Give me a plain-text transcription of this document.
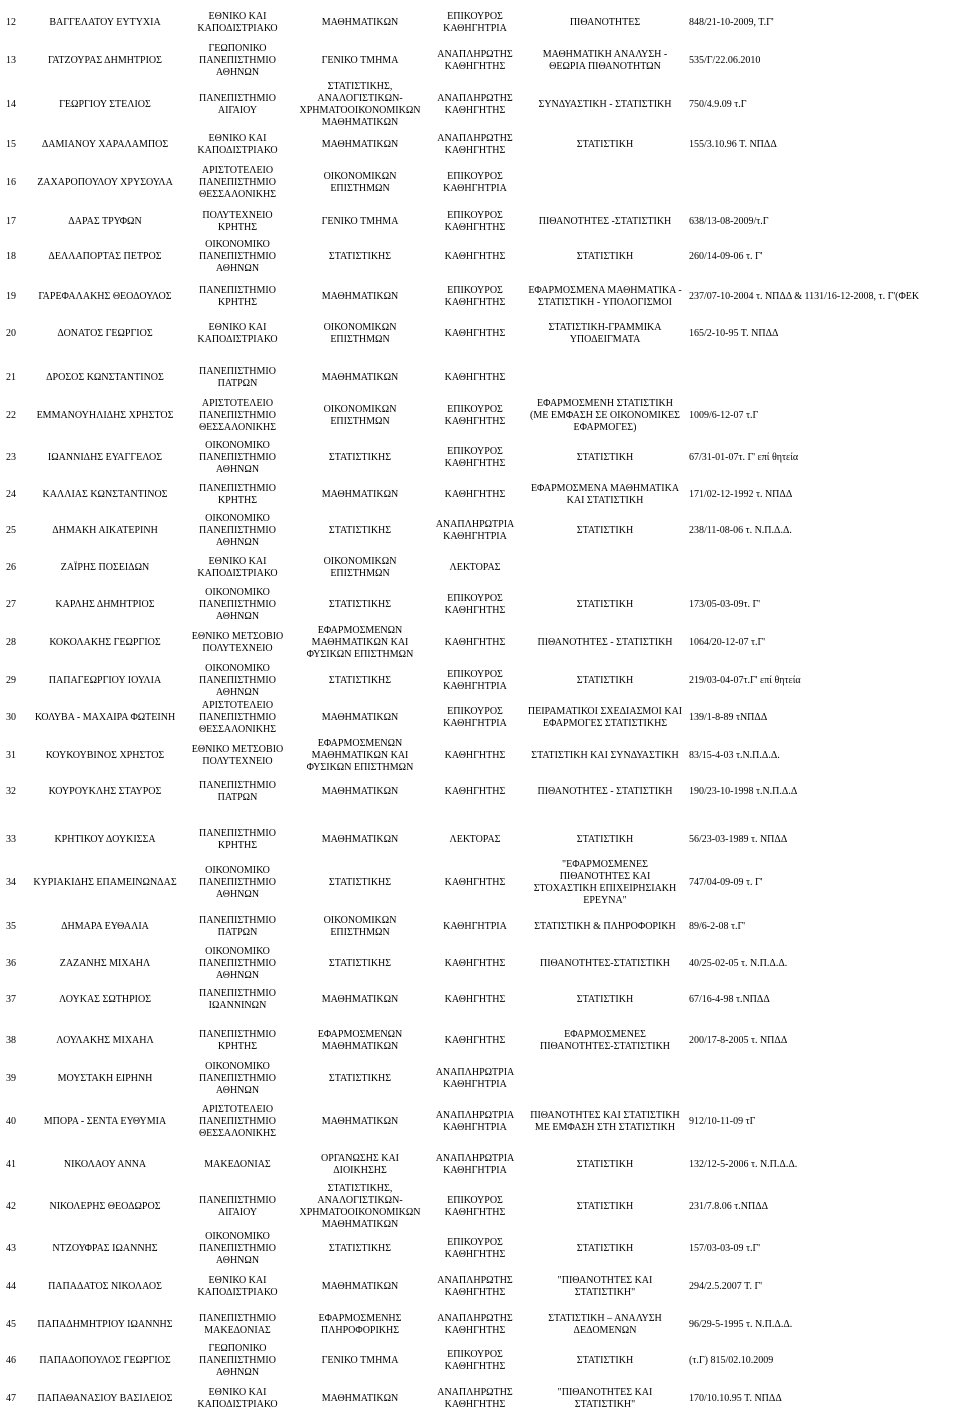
12	ΒΑΓΓΕΛΑΤΟΥ ΕΥΤΥΧΙΑ	ΕΘΝΙΚΟ ΚΑΙ ΚΑΠΟΔΙΣΤΡΙΑΚΟ	ΜΑΘΗΜΑΤΙΚΩΝ	ΕΠΙΚΟΥΡΟΣ ΚΑΘΗΓΗΤΡΙΑ	ΠΙΘΑΝΟΤΗΤΕΣ	848/21-10-2009, Τ.Γ'
13	ΓΑΤΖΟΥΡΑΣ ΔΗΜΗΤΡΙΟΣ	ΓΕΩΠΟΝΙΚΟ ΠΑΝΕΠΙΣΤΗΜΙΟ ΑΘΗΝΩΝ	ΓΕΝΙΚΟ ΤΜΗΜΑ	ΑΝΑΠΛΗΡΩΤΗΣ ΚΑΘΗΓΗΤΗΣ	ΜΑΘΗΜΑΤΙΚΗ ΑΝΑΛΥΣΗ - ΘΕΩΡΙΑ ΠΙΘΑΝΟΤΗΤΩΝ	535/Γ/22.06.2010
14	ΓΕΩΡΓΙΟΥ ΣΤΕΛΙΟΣ	ΠΑΝΕΠΙΣΤΗΜΙΟ ΑΙΓΑΙΟΥ	ΣΤΑΤΙΣΤΙΚΗΣ, ΑΝΑΛΟΓΙΣΤΙΚΩΝ- ΧΡΗΜΑΤΟΟΙΚΟΝΟΜΙΚΩΝ ΜΑΘΗΜΑΤΙΚΩΝ	ΑΝΑΠΛΗΡΩΤΗΣ ΚΑΘΗΓΗΤΗΣ	ΣΥΝΔΥΑΣΤΙΚΗ - ΣΤΑΤΙΣΤΙΚΗ	750/4.9.09 τ.Γ
15	ΔΑΜΙΑΝΟΥ ΧΑΡΑΛΑΜΠΟΣ	ΕΘΝΙΚΟ ΚΑΙ ΚΑΠΟΔΙΣΤΡΙΑΚΟ	ΜΑΘΗΜΑΤΙΚΩΝ	ΑΝΑΠΛΗΡΩΤΗΣ ΚΑΘΗΓΗΤΗΣ	ΣΤΑΤΙΣΤΙΚΗ	155/3.10.96 Τ. ΝΠΔΔ
16	ΖΑΧΑΡΟΠΟΥΛΟΥ ΧΡΥΣΟΥΛΑ	ΑΡΙΣΤΟΤΕΛΕΙΟ ΠΑΝΕΠΙΣΤΗΜΙΟ ΘΕΣΣΑΛΟΝΙΚΗΣ	ΟΙΚΟΝΟΜΙΚΩΝ ΕΠΙΣΤΗΜΩΝ	ΕΠΙΚΟΥΡΟΣ ΚΑΘΗΓΗΤΡΙΑ		
17	ΔΑΡΑΣ ΤΡΥΦΩΝ	ΠΟΛΥΤΕΧΝΕΙΟ ΚΡΗΤΗΣ	ΓΕΝΙΚΟ ΤΜΗΜΑ	ΕΠΙΚΟΥΡΟΣ ΚΑΘΗΓΗΤΗΣ	ΠΙΘΑΝΟΤΗΤΕΣ -ΣΤΑΤΙΣΤΙΚΗ	638/13-08-2009/τ.Γ
18	ΔΕΛΛΑΠΟΡΤΑΣ ΠΕΤΡΟΣ	ΟΙΚΟΝΟΜΙΚΟ ΠΑΝΕΠΙΣΤΗΜΙΟ ΑΘΗΝΩΝ	ΣΤΑΤΙΣΤΙΚΗΣ	ΚΑΘΗΓΗΤΗΣ	ΣΤΑΤΙΣΤΙΚΗ	260/14-09-06 τ. Γ'
19	ΓΑΡΕΦΑΛΑΚΗΣ ΘΕΟΔΟΥΛΟΣ	ΠΑΝΕΠΙΣΤΗΜΙΟ ΚΡΗΤΗΣ	ΜΑΘΗΜΑΤΙΚΩΝ	ΕΠΙΚΟΥΡΟΣ ΚΑΘΗΓΗΤΗΣ	ΕΦΑΡΜΟΣΜΕΝΑ ΜΑΘΗΜΑΤΙΚΑ - ΣΤΑΤΙΣΤΙΚΗ - ΥΠΟΛΟΓΙΣΜΟΙ	237/07-10-2004 τ. ΝΠΔΔ & 1131/16-12-2008, τ. Γ'(ΦΕΚ
20	ΔΟΝΑΤΟΣ ΓΕΩΡΓΙΟΣ	ΕΘΝΙΚΟ ΚΑΙ ΚΑΠΟΔΙΣΤΡΙΑΚΟ	ΟΙΚΟΝΟΜΙΚΩΝ ΕΠΙΣΤΗΜΩΝ	ΚΑΘΗΓΗΤΗΣ	ΣΤΑΤΙΣΤΙΚΗ-ΓΡΑΜΜΙΚΑ ΥΠΟΔΕΙΓΜΑΤΑ	165/2-10-95 Τ. ΝΠΔΔ
21	ΔΡΟΣΟΣ ΚΩΝΣΤΑΝΤΙΝΟΣ	ΠΑΝΕΠΙΣΤΗΜΙΟ ΠΑΤΡΩΝ	ΜΑΘΗΜΑΤΙΚΩΝ	ΚΑΘΗΓΗΤΗΣ		
22	ΕΜΜΑΝΟΥΗΛΙΔΗΣ ΧΡΗΣΤΟΣ	ΑΡΙΣΤΟΤΕΛΕΙΟ ΠΑΝΕΠΙΣΤΗΜΙΟ ΘΕΣΣΑΛΟΝΙΚΗΣ	ΟΙΚΟΝΟΜΙΚΩΝ ΕΠΙΣΤΗΜΩΝ	ΕΠΙΚΟΥΡΟΣ ΚΑΘΗΓΗΤΗΣ	ΕΦΑΡΜΟΣΜΕΝΗ ΣΤΑΤΙΣΤΙΚΗ (ΜΕ ΕΜΦΑΣΗ ΣΕ ΟΙΚΟΝΟΜΙΚΕΣ ΕΦΑΡΜΟΓΕΣ)	1009/6-12-07 τ.Γ
23	ΙΩΑΝΝΙΔΗΣ ΕΥΑΓΓΕΛΟΣ	ΟΙΚΟΝΟΜΙΚΟ ΠΑΝΕΠΙΣΤΗΜΙΟ ΑΘΗΝΩΝ	ΣΤΑΤΙΣΤΙΚΗΣ	ΕΠΙΚΟΥΡΟΣ ΚΑΘΗΓΗΤΗΣ	ΣΤΑΤΙΣΤΙΚΗ	67/31-01-07τ. Γ' επί θητεία
24	ΚΑΛΛΙΑΣ ΚΩΝΣΤΑΝΤΙΝΟΣ	ΠΑΝΕΠΙΣΤΗΜΙΟ ΚΡΗΤΗΣ	ΜΑΘΗΜΑΤΙΚΩΝ	ΚΑΘΗΓΗΤΗΣ	ΕΦΑΡΜΟΣΜΕΝΑ ΜΑΘΗΜΑΤΙΚΑ ΚΑΙ ΣΤΑΤΙΣΤΙΚΗ	171/02-12-1992 τ. ΝΠΔΔ
25	ΔΗΜΑΚΗ ΑΙΚΑΤΕΡΙΝΗ	ΟΙΚΟΝΟΜΙΚΟ ΠΑΝΕΠΙΣΤΗΜΙΟ ΑΘΗΝΩΝ	ΣΤΑΤΙΣΤΙΚΗΣ	ΑΝΑΠΛΗΡΩΤΡΙΑ ΚΑΘΗΓΗΤΡΙΑ	ΣΤΑΤΙΣΤΙΚΗ	238/11-08-06 τ. Ν.Π.Δ.Δ.
26	ΖΑΪΡΗΣ ΠΟΣΕΙΔΩΝ	ΕΘΝΙΚΟ ΚΑΙ ΚΑΠΟΔΙΣΤΡΙΑΚΟ	ΟΙΚΟΝΟΜΙΚΩΝ ΕΠΙΣΤΗΜΩΝ	ΛΕΚΤΟΡΑΣ		
27	ΚΑΡΛΗΣ ΔΗΜΗΤΡΙΟΣ	ΟΙΚΟΝΟΜΙΚΟ ΠΑΝΕΠΙΣΤΗΜΙΟ ΑΘΗΝΩΝ	ΣΤΑΤΙΣΤΙΚΗΣ	ΕΠΙΚΟΥΡΟΣ ΚΑΘΗΓΗΤΗΣ	ΣΤΑΤΙΣΤΙΚΗ	173/05-03-09τ. Γ'
28	ΚΟΚΟΛΑΚΗΣ ΓΕΩΡΓΙΟΣ	ΕΘΝΙΚΟ ΜΕΤΣΟΒΙΟ ΠΟΛΥΤΕΧΝΕΙΟ	ΕΦΑΡΜΟΣΜΕΝΩΝ ΜΑΘΗΜΑΤΙΚΩΝ ΚΑΙ ΦΥΣΙΚΩΝ ΕΠΙΣΤΗΜΩΝ	ΚΑΘΗΓΗΤΗΣ	ΠΙΘΑΝΟΤΗΤΕΣ - ΣΤΑΤΙΣΤΙΚΗ	1064/20-12-07 τ.Γ'
29	ΠΑΠΑΓΕΩΡΓΙΟΥ ΙΟΥΛΙΑ	ΟΙΚΟΝΟΜΙΚΟ ΠΑΝΕΠΙΣΤΗΜΙΟ ΑΘΗΝΩΝ	ΣΤΑΤΙΣΤΙΚΗΣ	ΕΠΙΚΟΥΡΟΣ ΚΑΘΗΓΗΤΡΙΑ	ΣΤΑΤΙΣΤΙΚΗ	219/03-04-07τ.Γ' επί θητεία
30	ΚΟΛΥΒΑ - ΜΑΧΑΙΡΑ ΦΩΤΕΙΝΗ	ΑΡΙΣΤΟΤΕΛΕΙΟ ΠΑΝΕΠΙΣΤΗΜΙΟ ΘΕΣΣΑΛΟΝΙΚΗΣ	ΜΑΘΗΜΑΤΙΚΩΝ	ΕΠΙΚΟΥΡΟΣ ΚΑΘΗΓΗΤΡΙΑ	ΠΕΙΡΑΜΑΤΙΚΟΙ ΣΧΕΔΙΑΣΜΟΙ ΚΑΙ ΕΦΑΡΜΟΓΕΣ ΣΤΑΤΙΣΤΙΚΗΣ	139/1-8-89 τΝΠΔΔ
31	ΚΟΥΚΟΥΒΙΝΟΣ ΧΡΗΣΤΟΣ	ΕΘΝΙΚΟ ΜΕΤΣΟΒΙΟ ΠΟΛΥΤΕΧΝΕΙΟ	ΕΦΑΡΜΟΣΜΕΝΩΝ ΜΑΘΗΜΑΤΙΚΩΝ ΚΑΙ ΦΥΣΙΚΩΝ ΕΠΙΣΤΗΜΩΝ	ΚΑΘΗΓΗΤΗΣ	ΣΤΑΤΙΣΤΙΚΗ ΚΑΙ ΣΥΝΔΥΑΣΤΙΚΗ	83/15-4-03 τ.Ν.Π.Δ.Δ.
32	ΚΟΥΡΟΥΚΛΗΣ ΣΤΑΥΡΟΣ	ΠΑΝΕΠΙΣΤΗΜΙΟ ΠΑΤΡΩΝ	ΜΑΘΗΜΑΤΙΚΩΝ	ΚΑΘΗΓΗΤΗΣ	ΠΙΘΑΝΟΤΗΤΕΣ - ΣΤΑΤΙΣΤΙΚΗ	190/23-10-1998 τ.Ν.Π.Δ.Δ
33	ΚΡΗΤΙΚΟΥ ΔΟΥΚΙΣΣΑ	ΠΑΝΕΠΙΣΤΗΜΙΟ ΚΡΗΤΗΣ	ΜΑΘΗΜΑΤΙΚΩΝ	ΛΕΚΤΟΡΑΣ	ΣΤΑΤΙΣΤΙΚΗ	56/23-03-1989 τ. ΝΠΔΔ
34	ΚΥΡΙΑΚΙΔΗΣ ΕΠΑΜΕΙΝΩΝΔΑΣ	ΟΙΚΟΝΟΜΙΚΟ ΠΑΝΕΠΙΣΤΗΜΙΟ ΑΘΗΝΩΝ	ΣΤΑΤΙΣΤΙΚΗΣ	ΚΑΘΗΓΗΤΗΣ	"ΕΦΑΡΜΟΣΜΕΝΕΣ ΠΙΘΑΝΟΤΗΤΕΣ ΚΑΙ ΣΤΟΧΑΣΤΙΚΗ ΕΠΙΧΕΙΡΗΣΙΑΚΗ ΕΡΕΥΝΑ"	747/04-09-09 τ. Γ'
35	ΔΗΜΑΡΑ ΕΥΘΑΛΙΑ	ΠΑΝΕΠΙΣΤΗΜΙΟ ΠΑΤΡΩΝ	ΟΙΚΟΝΟΜΙΚΩΝ ΕΠΙΣΤΗΜΩΝ	ΚΑΘΗΓΗΤΡΙΑ	ΣΤΑΤΙΣΤΙΚΗ & ΠΛΗΡΟΦΟΡΙΚΗ	89/6-2-08 τ.Γ'
36	ΖΑΖΑΝΗΣ ΜΙΧΑΗΛ	ΟΙΚΟΝΟΜΙΚΟ ΠΑΝΕΠΙΣΤΗΜΙΟ ΑΘΗΝΩΝ	ΣΤΑΤΙΣΤΙΚΗΣ	ΚΑΘΗΓΗΤΗΣ	ΠΙΘΑΝΟΤΗΤΕΣ-ΣΤΑΤΙΣΤΙΚΗ	40/25-02-05 τ. Ν.Π.Δ.Δ.
37	ΛΟΥΚΑΣ ΣΩΤΗΡΙΟΣ	ΠΑΝΕΠΙΣΤΗΜΙΟ ΙΩΑΝΝΙΝΩΝ	ΜΑΘΗΜΑΤΙΚΩΝ	ΚΑΘΗΓΗΤΗΣ	ΣΤΑΤΙΣΤΙΚΗ	67/16-4-98 τ.ΝΠΔΔ
38	ΛΟΥΛΑΚΗΣ ΜΙΧΑΗΛ	ΠΑΝΕΠΙΣΤΗΜΙΟ ΚΡΗΤΗΣ	ΕΦΑΡΜΟΣΜΕΝΩΝ ΜΑΘΗΜΑΤΙΚΩΝ	ΚΑΘΗΓΗΤΗΣ	ΕΦΑΡΜΟΣΜΕΝΕΣ ΠΙΘΑΝΟΤΗΤΕΣ-ΣΤΑΤΙΣΤΙΚΗ	200/17-8-2005 τ. ΝΠΔΔ
39	ΜΟΥΣΤΑΚΗ ΕΙΡΗΝΗ	ΟΙΚΟΝΟΜΙΚΟ ΠΑΝΕΠΙΣΤΗΜΙΟ ΑΘΗΝΩΝ	ΣΤΑΤΙΣΤΙΚΗΣ	ΑΝΑΠΛΗΡΩΤΡΙΑ ΚΑΘΗΓΗΤΡΙΑ		
40	ΜΠΟΡΑ - ΣΕΝΤΑ ΕΥΘΥΜΙΑ	ΑΡΙΣΤΟΤΕΛΕΙΟ ΠΑΝΕΠΙΣΤΗΜΙΟ ΘΕΣΣΑΛΟΝΙΚΗΣ	ΜΑΘΗΜΑΤΙΚΩΝ	ΑΝΑΠΛΗΡΩΤΡΙΑ ΚΑΘΗΓΗΤΡΙΑ	ΠΙΘΑΝΟΤΗΤΕΣ ΚΑΙ ΣΤΑΤΙΣΤΙΚΗ ΜΕ ΕΜΦΑΣΗ ΣΤΗ ΣΤΑΤΙΣΤΙΚΗ	912/10-11-09 τΓ
41	ΝΙΚΟΛΑΟΥ ΑΝΝΑ	ΜΑΚΕΔΟΝΙΑΣ	ΟΡΓΑΝΩΣΗΣ ΚΑΙ ΔΙΟΙΚΗΣΗΣ	ΑΝΑΠΛΗΡΩΤΡΙΑ ΚΑΘΗΓΗΤΡΙΑ	ΣΤΑΤΙΣΤΙΚΗ	132/12-5-2006 τ. Ν.Π.Δ.Δ.
42	ΝΙΚΟΛΕΡΗΣ ΘΕΟΔΩΡΟΣ	ΠΑΝΕΠΙΣΤΗΜΙΟ ΑΙΓΑΙΟΥ	ΣΤΑΤΙΣΤΙΚΗΣ, ΑΝΑΛΟΓΙΣΤΙΚΩΝ- ΧΡΗΜΑΤΟΟΙΚΟΝΟΜΙΚΩΝ ΜΑΘΗΜΑΤΙΚΩΝ	ΕΠΙΚΟΥΡΟΣ ΚΑΘΗΓΗΤΗΣ	ΣΤΑΤΙΣΤΙΚΗ	231/7.8.06 τ.ΝΠΔΔ
43	ΝΤΖΟΥΦΡΑΣ ΙΩΑΝΝΗΣ	ΟΙΚΟΝΟΜΙΚΟ ΠΑΝΕΠΙΣΤΗΜΙΟ ΑΘΗΝΩΝ	ΣΤΑΤΙΣΤΙΚΗΣ	ΕΠΙΚΟΥΡΟΣ ΚΑΘΗΓΗΤΗΣ	ΣΤΑΤΙΣΤΙΚΗ	157/03-03-09 τ.Γ'
44	ΠΑΠΑΔΑΤΟΣ ΝΙΚΟΛΑΟΣ	ΕΘΝΙΚΟ ΚΑΙ ΚΑΠΟΔΙΣΤΡΙΑΚΟ	ΜΑΘΗΜΑΤΙΚΩΝ	ΑΝΑΠΛΗΡΩΤΗΣ ΚΑΘΗΓΗΤΗΣ	"ΠΙΘΑΝΟΤΗΤΕΣ ΚΑΙ ΣΤΑΤΙΣΤΙΚΗ"	294/2.5.2007 Τ. Γ'
45	ΠΑΠΑΔΗΜΗΤΡΙΟΥ ΙΩΑΝΝΗΣ	ΠΑΝΕΠΙΣΤΗΜΙΟ ΜΑΚΕΔΟΝΙΑΣ	ΕΦΑΡΜΟΣΜΕΝΗΣ ΠΛΗΡΟΦΟΡΙΚΗΣ	ΑΝΑΠΛΗΡΩΤΗΣ ΚΑΘΗΓΗΤΗΣ	ΣΤΑΤΙΣΤΙΚΗ – ΑΝΑΛΥΣΗ ΔΕΔΟΜΕΝΩΝ	96/29-5-1995 τ. Ν.Π.Δ.Δ.
46	ΠΑΠΑΔΟΠΟΥΛΟΣ ΓΕΩΡΓΙΟΣ	ΓΕΩΠΟΝΙΚΟ ΠΑΝΕΠΙΣΤΗΜΙΟ ΑΘΗΝΩΝ	ΓΕΝΙΚΟ ΤΜΗΜΑ	ΕΠΙΚΟΥΡΟΣ ΚΑΘΗΓΗΤΗΣ	ΣΤΑΤΙΣΤΙΚΗ	(τ.Γ) 815/02.10.2009
47	ΠΑΠΑΘΑΝΑΣΙΟΥ ΒΑΣΙΛΕΙΟΣ	ΕΘΝΙΚΟ ΚΑΙ ΚΑΠΟΔΙΣΤΡΙΑΚΟ	ΜΑΘΗΜΑΤΙΚΩΝ	ΑΝΑΠΛΗΡΩΤΗΣ ΚΑΘΗΓΗΤΗΣ	"ΠΙΘΑΝΟΤΗΤΕΣ ΚΑΙ ΣΤΑΤΙΣΤΙΚΗ"	170/10.10.95 Τ. ΝΠΔΔ
